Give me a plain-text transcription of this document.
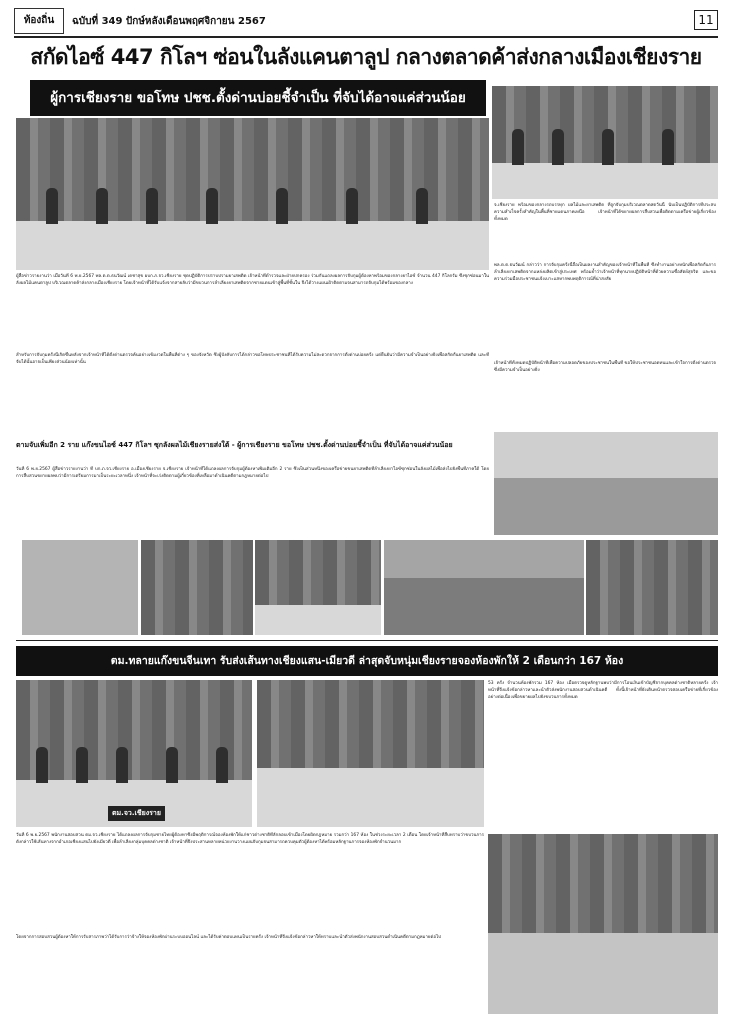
ท้องถิ่น	ฉบับที่ 349 ปักษ์หลังเดือนพฤศจิกายน 2567	11
สกัดไอซ์ 447 กิโลฯ ซ่อนในลังแคนตาลูป กลางตลาดค้าส่งกลางเมืองเชียงราย
ผู้การเชียงราย ขอโทษ ปชช.ตั้งด่านบ่อยชี้จำเป็น ที่จับได้อาจแค่ส่วนน้อย
จ.เชียงราย พร้อมของกลางรถบรรทุก ผลไม้และยาเสพติด ที่ถูกจับกุมบริเวณตลาดสดวันนี้ นับเป็นปฏิบัติการที่ประสบความสำเร็จครั้งสำคัญในพื้นที่ชายแดนภาคเหนือ เจ้าหน้าที่ได้ขยายผลการสืบสวนเพื่อติดตามเครือข่ายผู้เกี่ยวข้องทั้งหมด
ผู้สื่อข่าวรายงานว่า เมื่อวันที่ 6 พ.ย.2567 พล.ต.ต.ธนวัฒน์ เดชาสุข ผบก.ภ.จว.เชียงราย ชุดปฏิบัติการปราบปรามยาเสพติด เจ้าหน้าที่ตำรวจและฝ่ายปกครอง ร่วมกันแถลงผลการจับกุมผู้ต้องหาพร้อมของกลางยาไอซ์ จำนวน 447 กิโลกรัม ซึ่งซุกซ่อนมาในลังผลไม้แคนตาลูป บริเวณตลาดค้าส่งกลางเมืองเชียงราย โดยเจ้าหน้าที่ได้รับแจ้งจากสายลับว่ามีขบวนการลำเลียงยาเสพติดจากชายแดนเข้าสู่พื้นที่ชั้นใน จึงได้วางแผนเฝ้าติดตามจนสามารถจับกุมได้พร้อมของกลาง
สำหรับการจับกุมครั้งนี้เกิดขึ้นหลังจากเจ้าหน้าที่ได้ตั้งด่านตรวจค้นอย่างเข้มงวดในพื้นที่ต่าง ๆ ของจังหวัด ซึ่งผู้บังคับการได้กล่าวขอโทษประชาชนที่ได้รับความไม่สะดวกจากการตั้งด่านบ่อยครั้ง แต่ยืนยันว่ามีความจำเป็นอย่างยิ่งเพื่อสกัดกั้นยาเสพติด และที่จับได้นั้นอาจเป็นเพียงส่วนน้อยเท่านั้น
ตามจับเพิ่มอีก 2 ราย แก๊งขนไอซ์ 447 กิโลฯ ซุกลังผลไม้เชียงรายส่งใต้ - ผู้การเชียงราย ขอโทษ ปชช.ตั้งด่านบ่อยชี้จำเป็น ที่จับได้อาจแค่ส่วนน้อย
วันที่ 6 พ.ย.2567 ผู้สื่อข่าวรายงานว่า ที่ บก.ภ.จว.เชียงราย อ.เมืองเชียงราย จ.เชียงราย เจ้าหน้าที่ได้แถลงผลการจับกุมผู้ต้องหาเพิ่มเติมอีก 2 ราย ซึ่งเป็นส่วนหนึ่งของเครือข่ายขนยาเสพติดที่ลำเลียงยาไอซ์ซุกซ่อนในลังผลไม้เพื่อส่งไปยังพื้นที่ภาคใต้ โดยการสืบสวนขยายผลพบว่ามีการเตรียมการมาเป็นระยะเวลาหนึ่ง เจ้าหน้าที่จะเร่งติดตามผู้เกี่ยวข้องที่เหลือมาดำเนินคดีตามกฎหมายต่อไป
พล.ต.ต.ธนวัฒน์ กล่าวว่า การจับกุมครั้งนี้ถือเป็นผลงานสำคัญของเจ้าหน้าที่ในพื้นที่ ซึ่งทำงานอย่างหนักเพื่อสกัดกั้นการลำเลียงยาเสพติดจากแหล่งผลิตเข้าสู่ประเทศ พร้อมย้ำว่าเจ้าหน้าที่ทุกนายปฏิบัติหน้าที่ด้วยความซื่อสัตย์สุจริต และขอความร่วมมือประชาชนแจ้งเบาะแสหากพบพฤติการณ์ที่น่าสงสัย
เจ้าหน้าที่ทั้งหมดปฏิบัติหน้าที่เพื่อความปลอดภัยของประชาชนในพื้นที่ ขอให้ประชาชนอดทนและเข้าใจการตั้งด่านตรวจซึ่งมีความจำเป็นอย่างยิ่ง
ตม.ทลายแก๊งขนจีนเทา รับส่งเส้นทางเชียงแสน-เมียวดี ล่าสุดจับหนุ่มเชียงรายจองห้องพักให้ 2 เดือนกว่า 167 ห้อง
ตม.จว.เชียงราย
53 ครั้ง จำนวนห้องพักรวม 167 ห้อง เมื่อตรวจดูหลักฐานพบว่ามีการโอนเงินเข้าบัญชีจากบุคคลต่างชาติหลายครั้ง เจ้าหน้าที่จึงแจ้งข้อกล่าวหาและนำตัวส่งพนักงานสอบสวนดำเนินคดี ทั้งนี้เจ้าหน้าที่ยังเดินหน้าตรวจสอบเครือข่ายที่เกี่ยวข้องอย่างต่อเนื่องเพื่อขยายผลไปยังขบวนการทั้งหมด
วันที่ 6 พ.ย.2567 พนักงานสอบสวน ตม.จว.เชียงราย ได้แถลงผลการจับกุมชายไทยผู้ต้องหาซึ่งมีพฤติการณ์จองห้องพักให้แก่ชาวต่างชาติที่ลักลอบเข้าเมืองโดยผิดกฎหมาย รวมกว่า 167 ห้อง ในช่วงระยะเวลา 2 เดือน โดยเจ้าหน้าที่สืบทราบว่าขบวนการดังกล่าวใช้เส้นทางจากอำเภอเชียงแสนไปยังเมียวดี เพื่อลำเลียงกลุ่มบุคคลต่างชาติ เจ้าหน้าที่จึงประสานหลายหน่วยงานวางแผนจับกุมจนสามารถควบคุมตัวผู้ต้องหาได้พร้อมหลักฐานการจองห้องพักจำนวนมาก
โดยจากการสอบสวนผู้ต้องหาให้การรับสารภาพว่าได้รับการว่าจ้างให้จองห้องพักผ่านระบบออนไลน์ และได้รับค่าตอบแทนเป็นรายครั้ง เจ้าหน้าที่จึงแจ้งข้อกล่าวหาให้ทราบและนำตัวส่งพนักงานสอบสวนดำเนินคดีตามกฎหมายต่อไป
